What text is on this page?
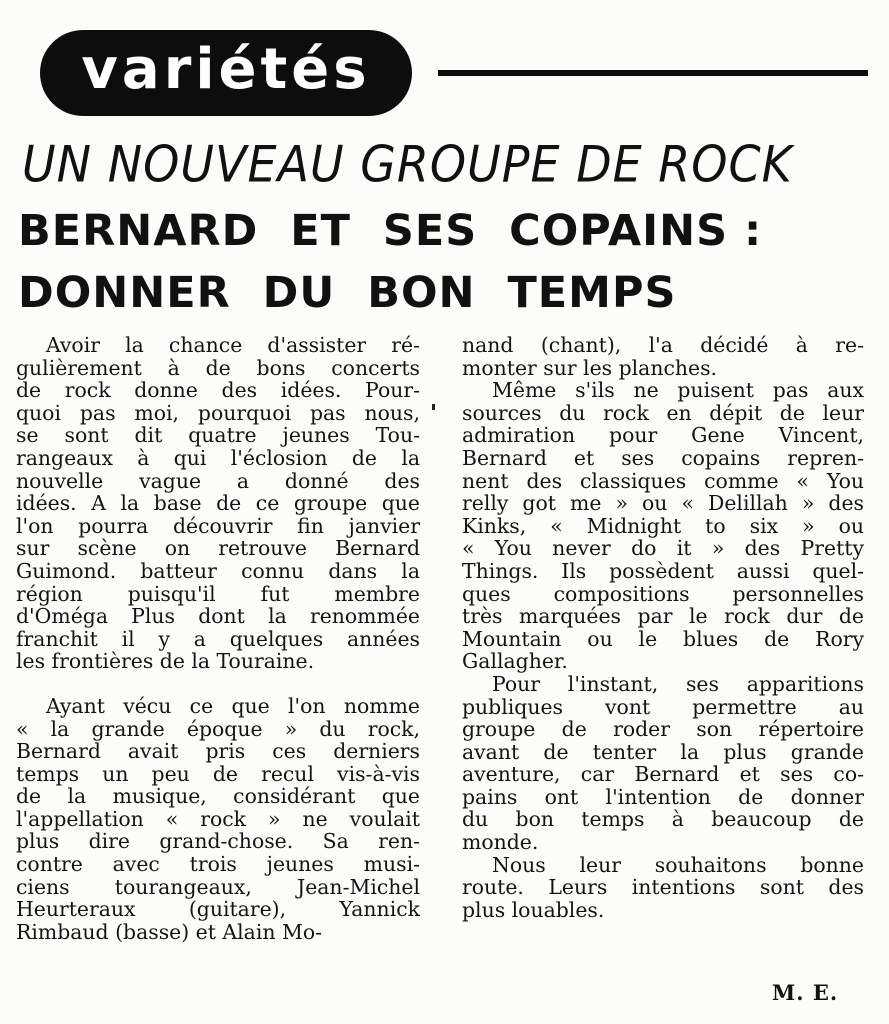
variétés
UN NOUVEAU GROUPE DE ROCK
BERNARD  ET  SES  COPAINS :
DONNER  DU  BON  TEMPS
Avoir la chance d'assister ré-
gulièrement à de bons concerts
de rock donne des idées. Pour-
quoi pas moi, pourquoi pas nous,
se sont dit quatre jeunes Tou-
rangeaux à qui l'éclosion de la
nouvelle vague a donné des
idées. A la base de ce groupe que
l'on pourra découvrir fin janvier
sur scène on retrouve Bernard
Guimond. batteur connu dans la
région puisqu'il fut membre
d'Oméga Plus dont la renommée
franchit il y a quelques années
les frontières de la Touraine.
Ayant vécu ce que l'on nomme
« la grande époque » du rock,
Bernard avait pris ces derniers
temps un peu de recul vis-à-vis
de la musique, considérant que
l'appellation « rock » ne voulait
plus dire grand-chose. Sa ren-
contre avec trois jeunes musi-
ciens tourangeaux, Jean-Michel
Heurteraux (guitare), Yannick
Rimbaud (basse) et Alain Mo-
nand (chant), l'a décidé à re-
monter sur les planches.
Même s'ils ne puisent pas aux
sources du rock en dépit de leur
admiration pour Gene Vincent,
Bernard et ses copains repren-
nent des classiques comme « You
relly got me » ou « Delillah » des
Kinks, « Midnight to six » ou
« You never do it » des Pretty
Things. Ils possèdent aussi quel-
ques compositions personnelles
très marquées par le rock dur de
Mountain ou le blues de Rory
Gallagher.
Pour l'instant, ses apparitions
publiques vont permettre au
groupe de roder son répertoire
avant de tenter la plus grande
aventure, car Bernard et ses co-
pains ont l'intention de donner
du bon temps à beaucoup de
monde.
Nous leur souhaitons bonne
route. Leurs intentions sont des
plus louables.
M. E.
